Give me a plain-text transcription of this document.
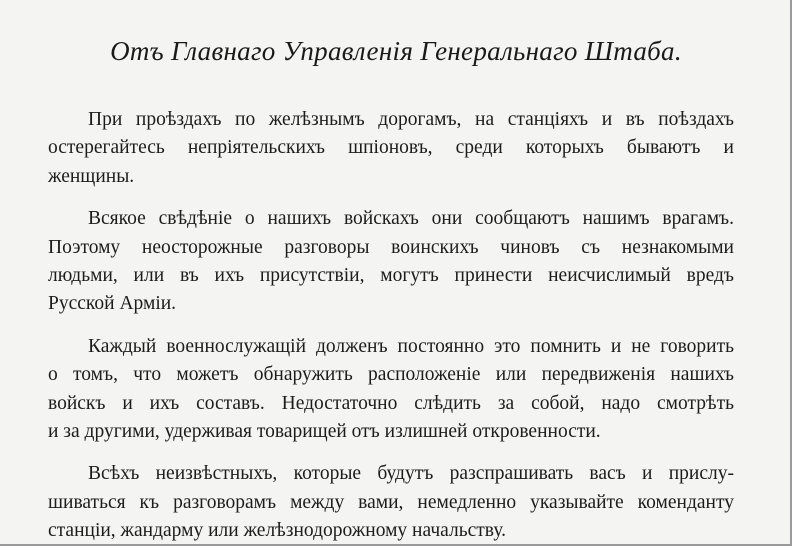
Отъ Главнаго Управленія Генеральнаго Штаба.

При проѣздахъ по желѣзнымъ дорогамъ, на станціяхъ и въ поѣздахъ
остерегайтесь непріятельскихъ шпіоновъ, среди которыхъ бываютъ и
женщины.

Всякое свѣдѣніе о нашихъ войскахъ они сообщаютъ нашимъ врагамъ.
Поэтому неосторожные разговоры воинскихъ чиновъ съ незнакомыми
людьми, или въ ихъ присутствіи, могутъ принести неисчислимый вредъ
Русской Арміи.

Каждый военнослужащій долженъ постоянно это помнить и не говорить
о томъ, что можетъ обнаружить расположеніе или передвиженія нашихъ
войскъ и ихъ составъ. Недостаточно слѣдить за собой, надо смотрѣть
и за другими, удерживая товарищей отъ излишней откровенности.

Всѣхъ неизвѣстныхъ, которые будутъ разспрашивать васъ и прислу-
шиваться къ разговорамъ между вами, немедленно указывайте коменданту
станціи, жандарму или желѣзнодорожному начальству.
